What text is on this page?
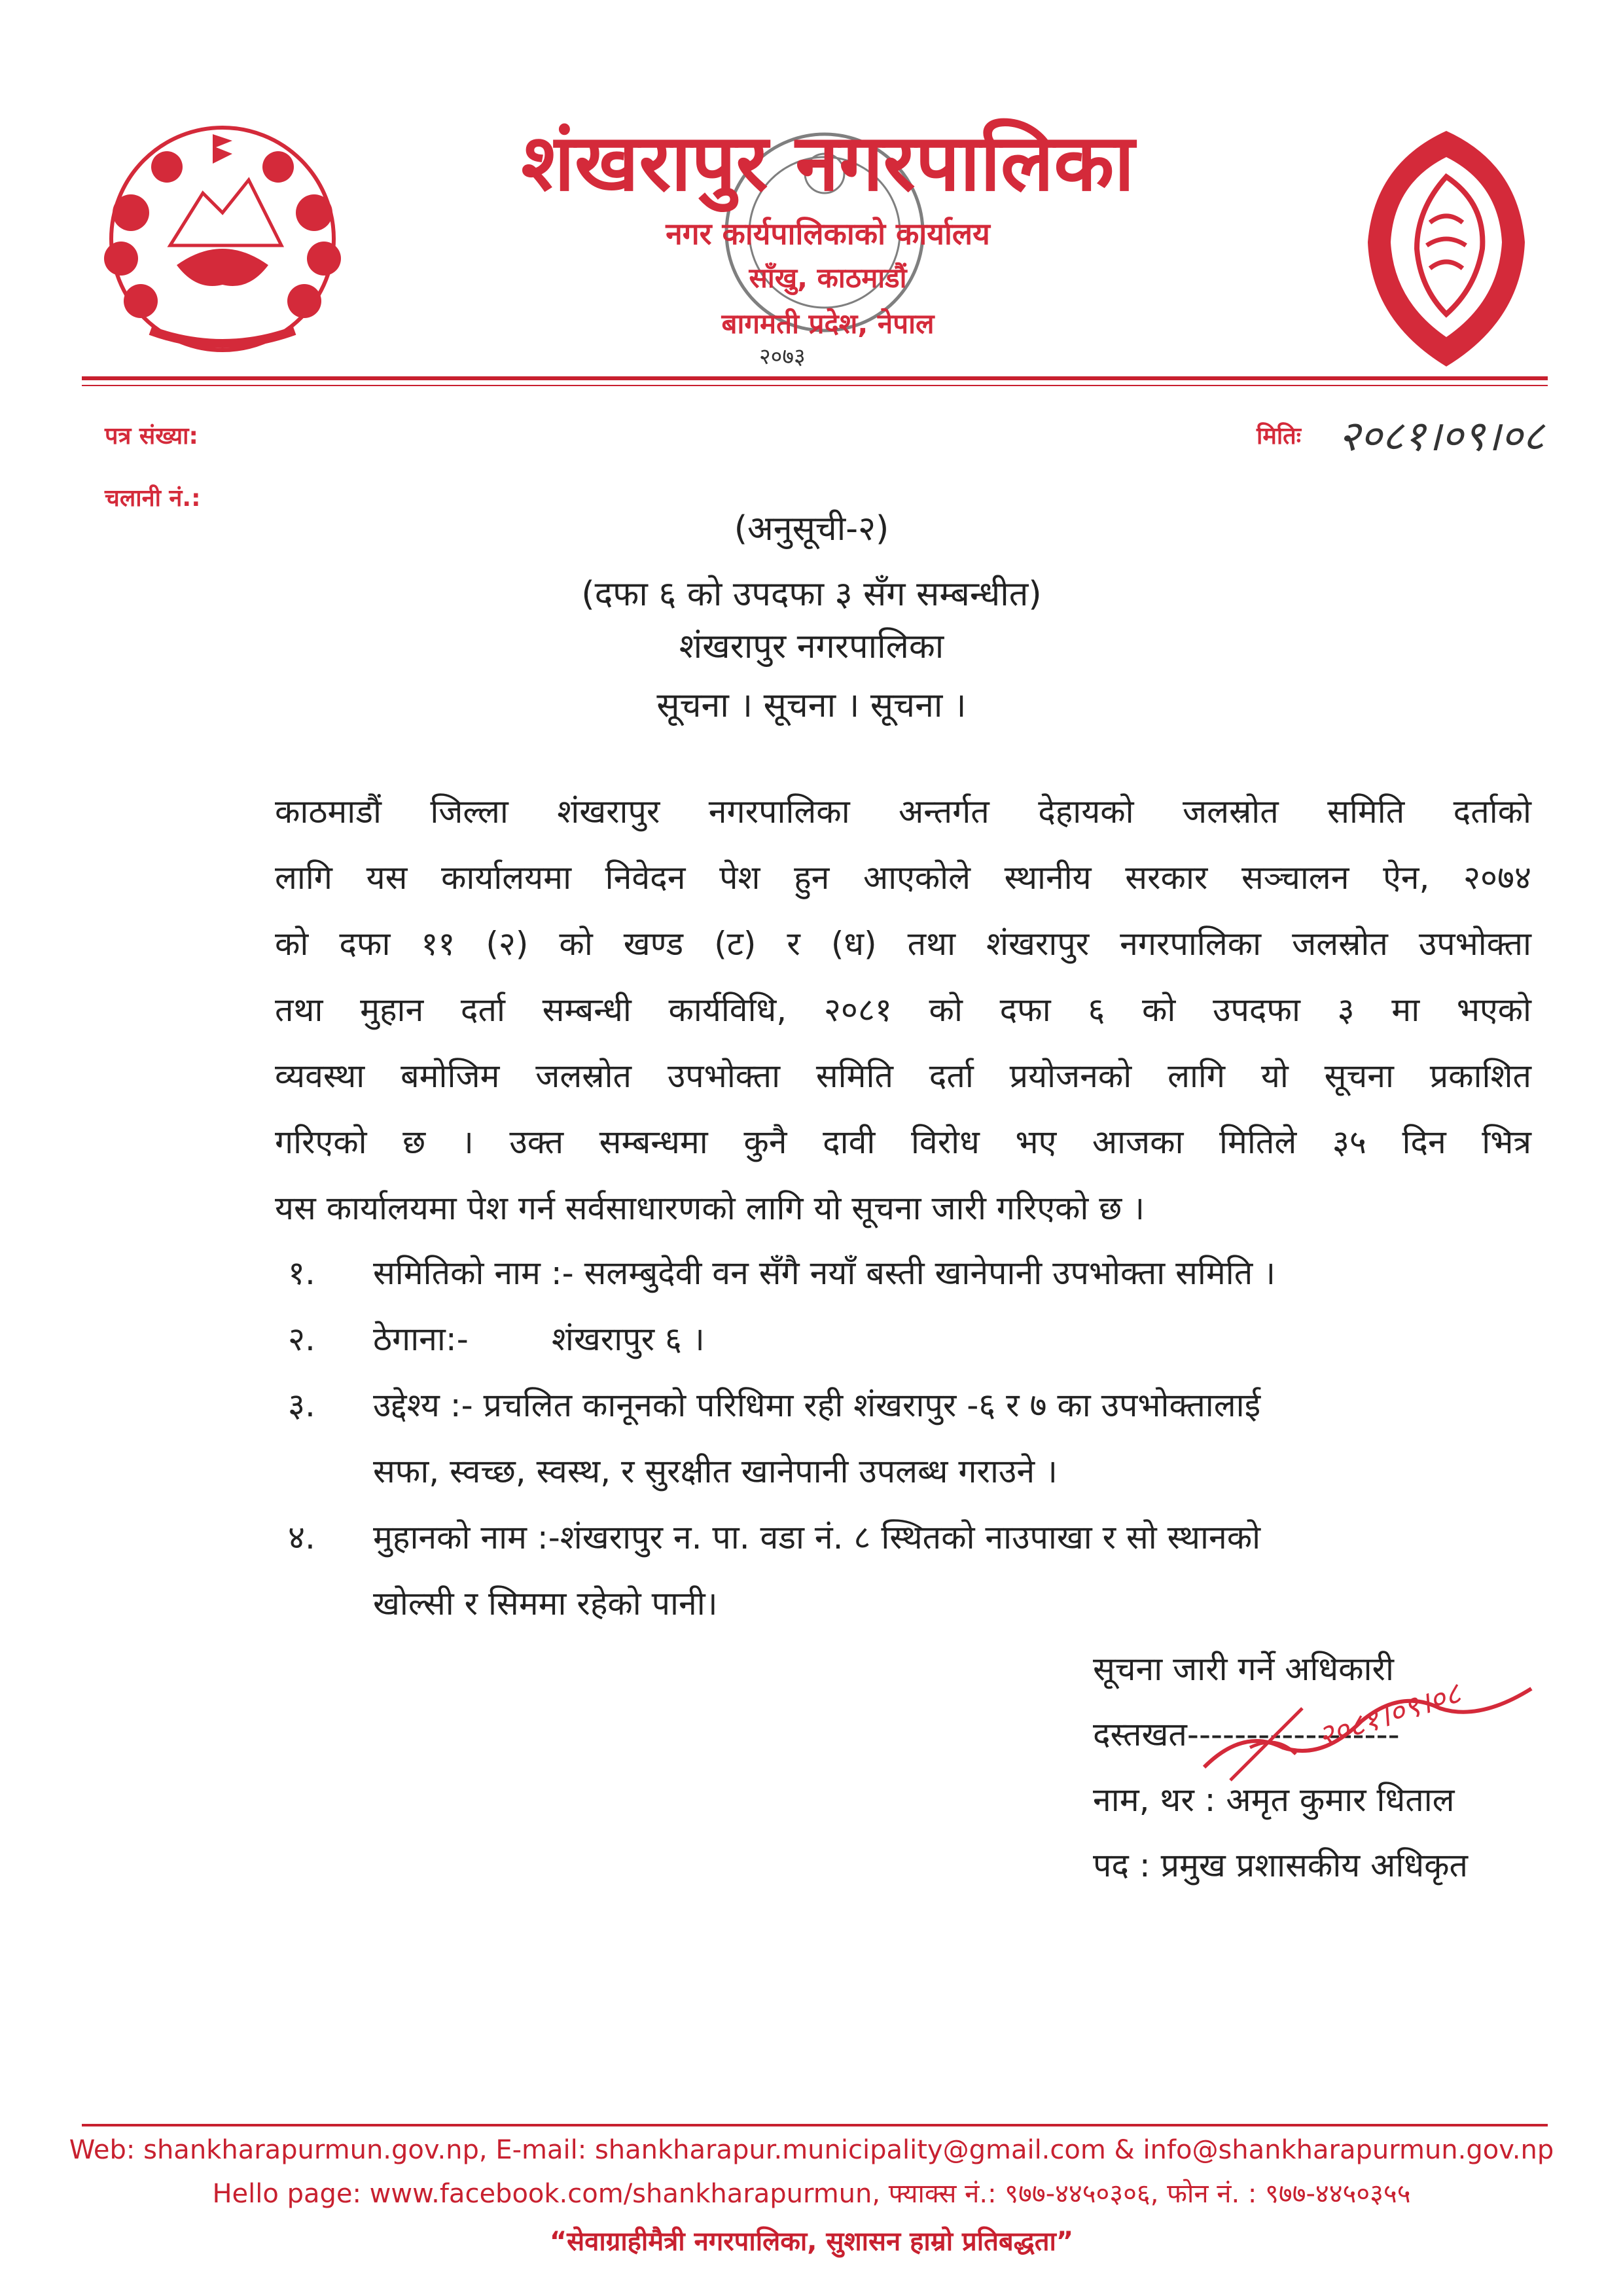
शंखरापुर नगरपालिका
नगर कार्यपालिकाको कार्यालय
साँखु, काठमाडौं
बागमती प्रदेश, नेपाल
२०७३
पत्र संख्या:
चलानी नं.:
मितिः २०८१।०९।०८
(अनुसूची-२)
(दफा ६ को उपदफा ३ सँग सम्बन्धीत)
शंखरापुर नगरपालिका
सूचना । सूचना । सूचना ।
काठमाडौं जिल्ला शंखरापुर नगरपालिका अन्तर्गत देहायको जलस्रोत समिति दर्ताको
लागि यस कार्यालयमा निवेदन पेश हुन आएकोले स्थानीय सरकार सञ्चालन ऐन, २०७४
को दफा ११ (२) को खण्ड (ट) र (ध) तथा शंखरापुर नगरपालिका जलस्रोत उपभोक्ता
तथा मुहान दर्ता सम्बन्धी कार्यविधि, २०८१ को दफा ६ को उपदफा ३ मा भएको
व्यवस्था बमोजिम जलस्रोत उपभोक्ता समिति दर्ता प्रयोजनको लागि यो सूचना प्रकाशित
गरिएको छ । उक्त सम्बन्धमा कुनै दावी विरोध भए आजका मितिले ३५ दिन भित्र
यस कार्यालयमा पेश गर्न सर्वसाधारणको लागि यो सूचना जारी गरिएको छ ।
१. समितिको नाम :- सलम्बुदेवी वन सँगै नयाँ बस्ती खानेपानी उपभोक्ता समिति ।
२. ठेगाना:-        शंखरापुर ६ ।
३. उद्देश्य :- प्रचलित कानूनको परिधिमा रही शंखरापुर -६ र ७ का उपभोक्तालाई
सफा, स्वच्छ, स्वस्थ, र सुरक्षीत खानेपानी उपलब्ध गराउने ।
४. मुहानको नाम :-शंखरापुर न. पा. वडा नं. ८ स्थितको नाउपाखा र सो स्थानको
खोल्सी र सिममा रहेको पानी।
सूचना जारी गर्ने अधिकारी
दस्तखत------------------
नाम, थर : अमृत कुमार धिताल
पद : प्रमुख प्रशासकीय अधिकृत
२०८१।०९।०८
Web: shankharapurmun.gov.np, E-mail: shankharapur.municipality@gmail.com & info@shankharapurmun.gov.np
Hello page: www.facebook.com/shankharapurmun, फ्याक्स नं.: ९७७-४४५०३०६, फोन नं. : ९७७-४४५०३५५
“सेवाग्राहीमैत्री नगरपालिका, सुशासन हाम्रो प्रतिबद्धता”
